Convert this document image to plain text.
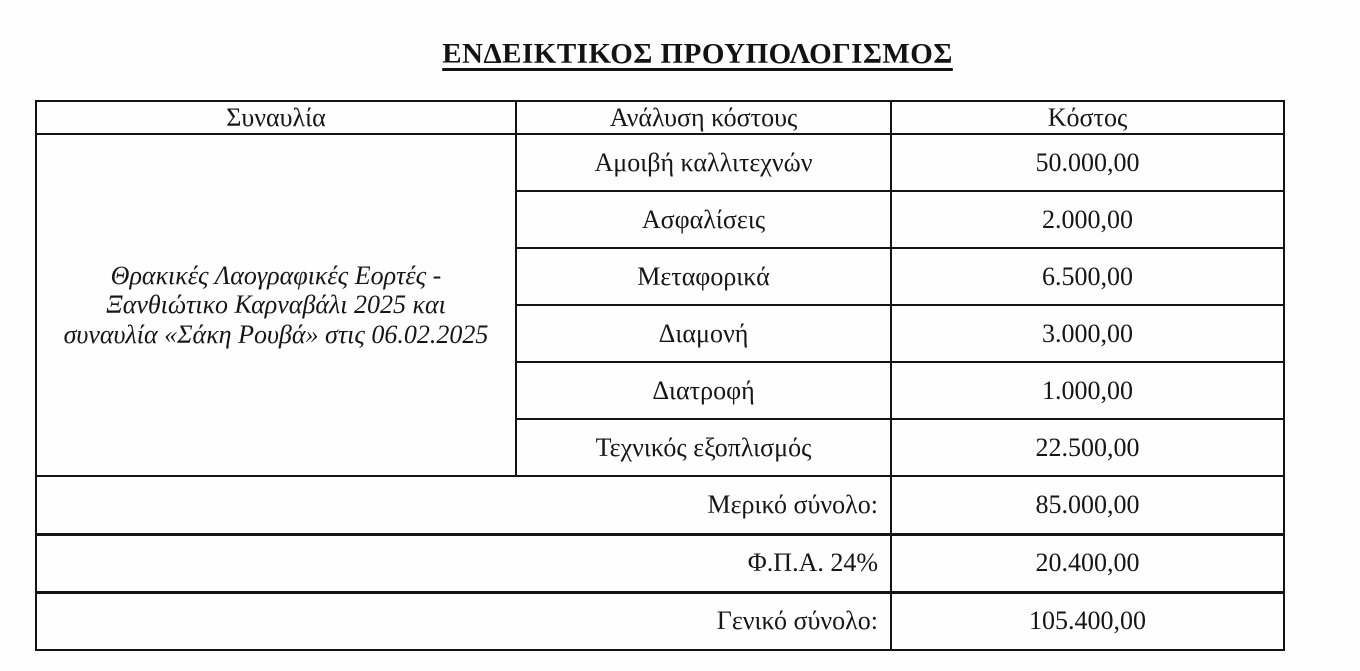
ΕΝΔΕΙΚΤΙΚΟΣ ΠΡΟΥΠΟΛΟΓΙΣΜΟΣ
Συναυλία	Ανάλυση κόστους	Κόστος

Θρακικές Λαογραφικές Εορτές - Ξανθιώτικο Καρναβάλι 2025 και συναυλία «Σάκη Ρουβά» στις 06.02.2025	Αμοιβή καλλιτεχνών	50.000,00
	Ασφαλίσεις	2.000,00
	Μεταφορικά	6.500,00
	Διαμονή	3.000,00
	Διατροφή	1.000,00
	Τεχνικός εξοπλισμός	22.500,00
Μερικό σύνολο:		85.000,00
Φ.Π.Α. 24%		20.400,00
Γενικό σύνολο:		105.400,00
